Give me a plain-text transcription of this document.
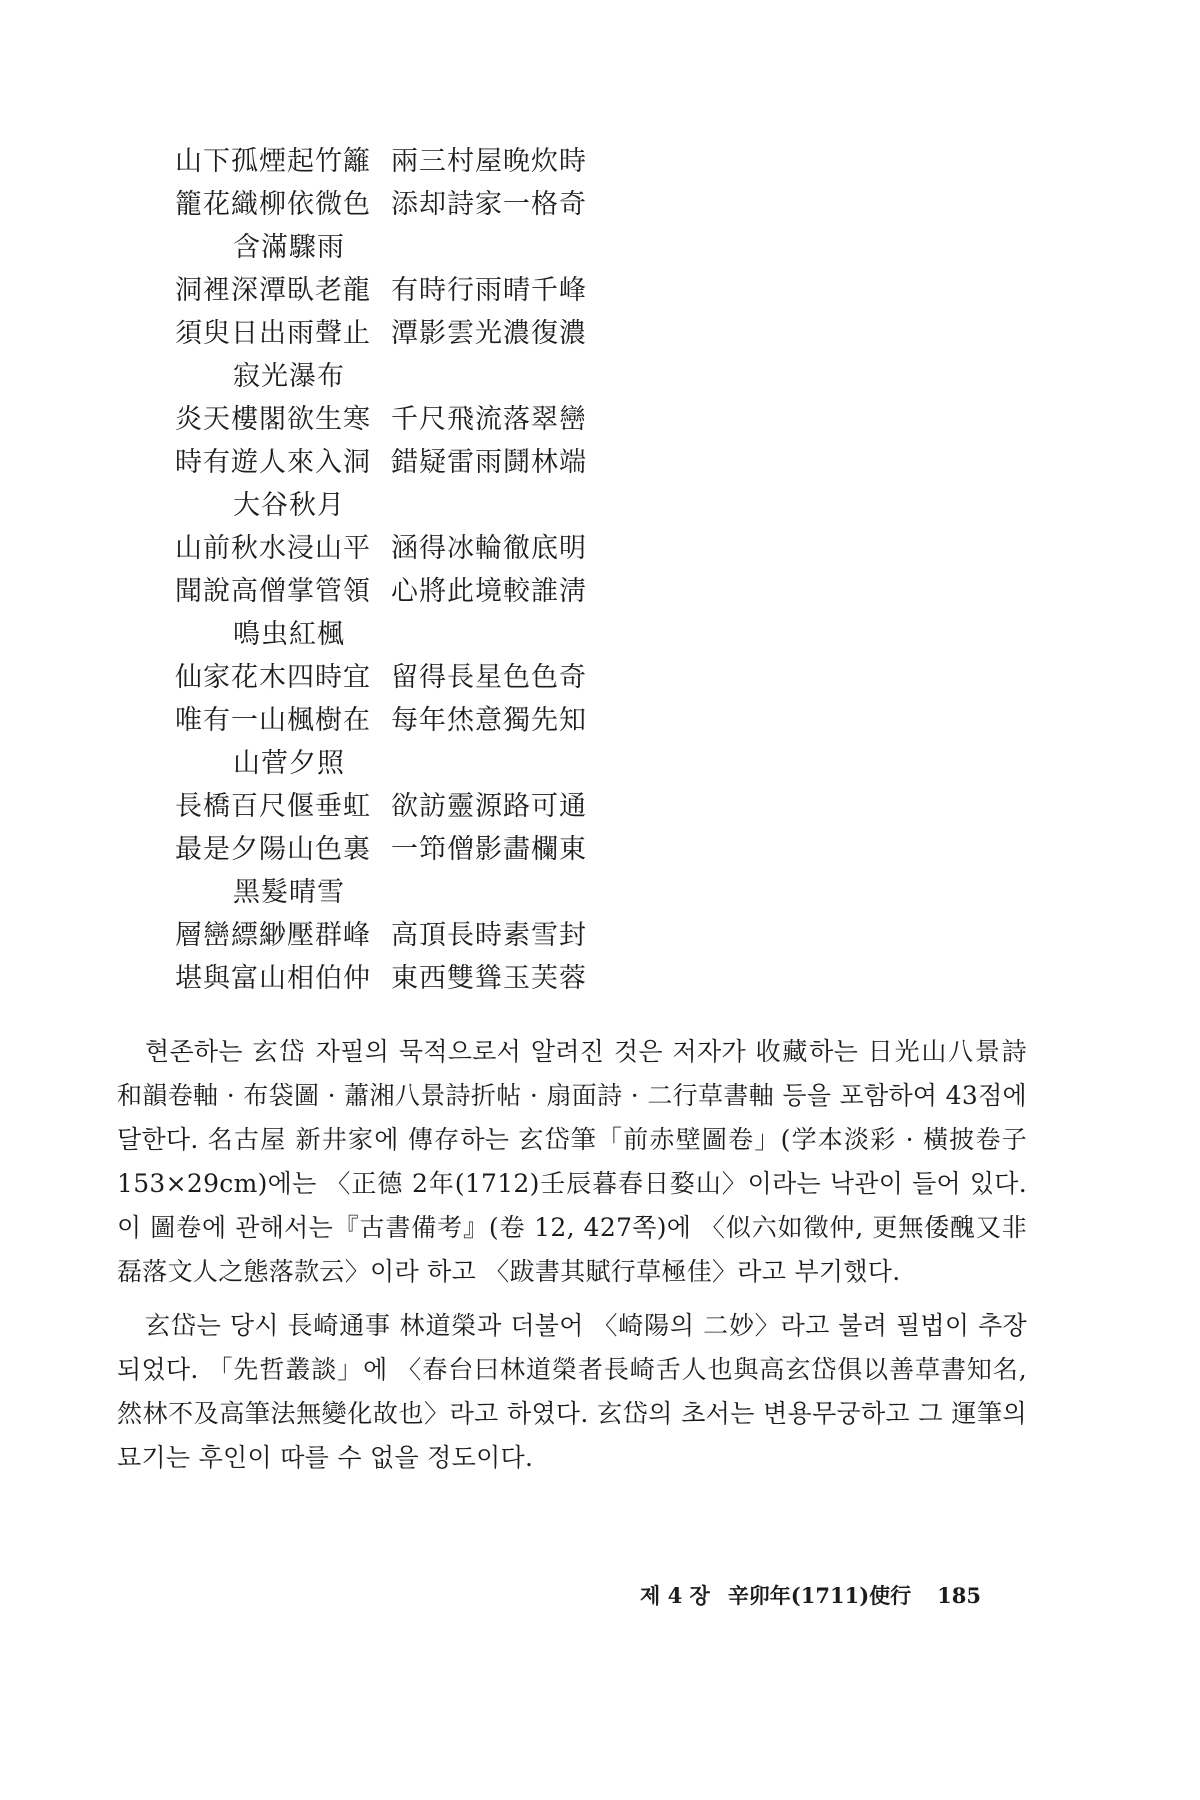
山下孤煙起竹籬 兩三村屋晚炊時
籠花織柳依微色 添却詩家一格奇
含滿驟雨
洞裡深潭臥老龍 有時行雨晴千峰
須臾日出雨聲止 潭影雲光濃復濃
寂光瀑布
炎天樓閣欲生寒 千尺飛流落翠巒
時有遊人來入洞 錯疑雷雨鬪林端
大谷秋月
山前秋水浸山平 涵得冰輪徹底明
聞說高僧掌管領 心將此境較誰淸
鳴虫紅楓
仙家花木四時宜 留得長星色色奇
唯有一山楓樹在 每年烋意獨先知
山菅夕照
長橋百尺偃垂虹 欲訪靈源路可通
最是夕陽山色裏 一笻僧影畵欄東
黑髮晴雪
層巒縹緲壓群峰 高頂長時素雪封
堪與富山相伯仲 東西雙聳玉芙蓉

현존하는 玄岱 자필의 묵적으로서 알려진 것은 저자가 收藏하는 日光山八景詩和韻卷軸 · 布袋圖 · 蕭湘八景詩折帖 · 扇面詩 · 二行草書軸 등을 포함하여 43점에 달한다. 名古屋 新井家에 傳存하는 玄岱筆「前赤壁圖卷」(学本淡彩 · 橫披卷子 153×29cm)에는 〈正德 2年(1712)壬辰暮春日婺山〉이라는 낙관이 들어 있다. 이 圖卷에 관해서는『古書備考』(卷 12, 427쪽)에 〈似六如徵仲, 更無倭醜又非磊落文人之態落款云〉이라 하고 〈跋書其賦行草極佳〉라고 부기했다.

玄岱는 당시 長崎通事 林道榮과 더불어 〈崎陽의 二妙〉라고 불려 필법이 추장되었다. 「先哲叢談」에 〈春台曰林道榮者長崎舌人也與高玄岱俱以善草書知名, 然林不及高筆法無變化故也〉라고 하였다. 玄岱의 초서는 변용무궁하고 그 運筆의 묘기는 후인이 따를 수 없을 정도이다.

제 4 장 辛卯年(1711)使行 185
